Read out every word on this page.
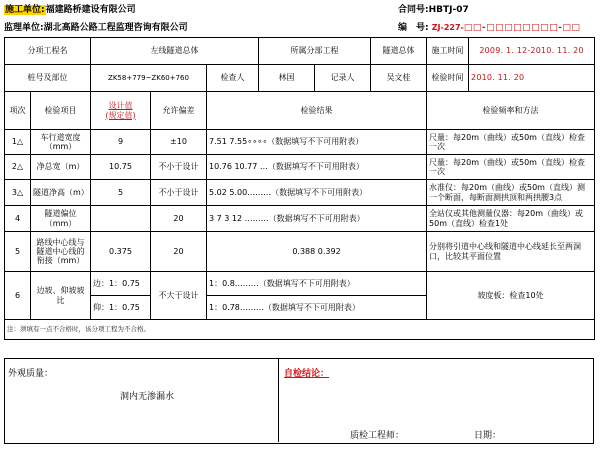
施工单位:福建路桥建设有限公司
监理单位:湖北高路公路工程监理咨询有限公司
合同号:HBTJ-07
编　号: ZJ-227-□□-□□□□□□□□-□□
分项工程名		左线隧道总体			所属分部工程		隧道总体	施工时间	2009. 1. 12-2010. 11. 20
桩号及部位		ZK58+779~ZK60+760		检查人	林国	记录人	吴文桂	检验时间	2010. 11. 20
项次	检验项目	设计值
(规定值)	允许偏差	检验结果				检验频率和方法	
1△	车行道宽度（mm）	9	±10	7.51 7.55∘∘∘∘（数据填写不下可用附表）				尺量：每20m（曲线）或50m（直线）检查一次	
2△	净总宽（m）	10.75	不小于设计	10.76 10.77 …（数据填写不下可用附表）				尺量：每20m（曲线）或50m（直线）检查一次	
3△	隧道净高（m）	5	不小于设计	5.02 5.00………（数据填写不下可用附表）				水准仪：每20m（曲线）或50m（直线）测一个断面，每断面测拱顶和两拱腰3点	
4	隧道偏位（mm）		20	3 7 3 12 ………（数据填写不下可用附表）				全站仪或其他测量仪器：每20m（曲线）或50m（直线）检查1处	
5	路线中心线与隧道中心线的衔接（mm）	0.375	20	0.388 0.392				分别将引道中心线和隧道中心线延长至两洞口，比较其平面位置	
6	边坡、仰坡坡比	边：1：0.75	不大于设计	1：0.8………（数据填写不下可用附表）				坡度板：检查10处	
		仰：1：0.75		1：0.78………（数据填写不下可用附表）					
注：须填有一点不合格时，该分项工程为不合格。									
外观质量：
洞内无渗漏水
自检结论：
质检工程师：	日期：
